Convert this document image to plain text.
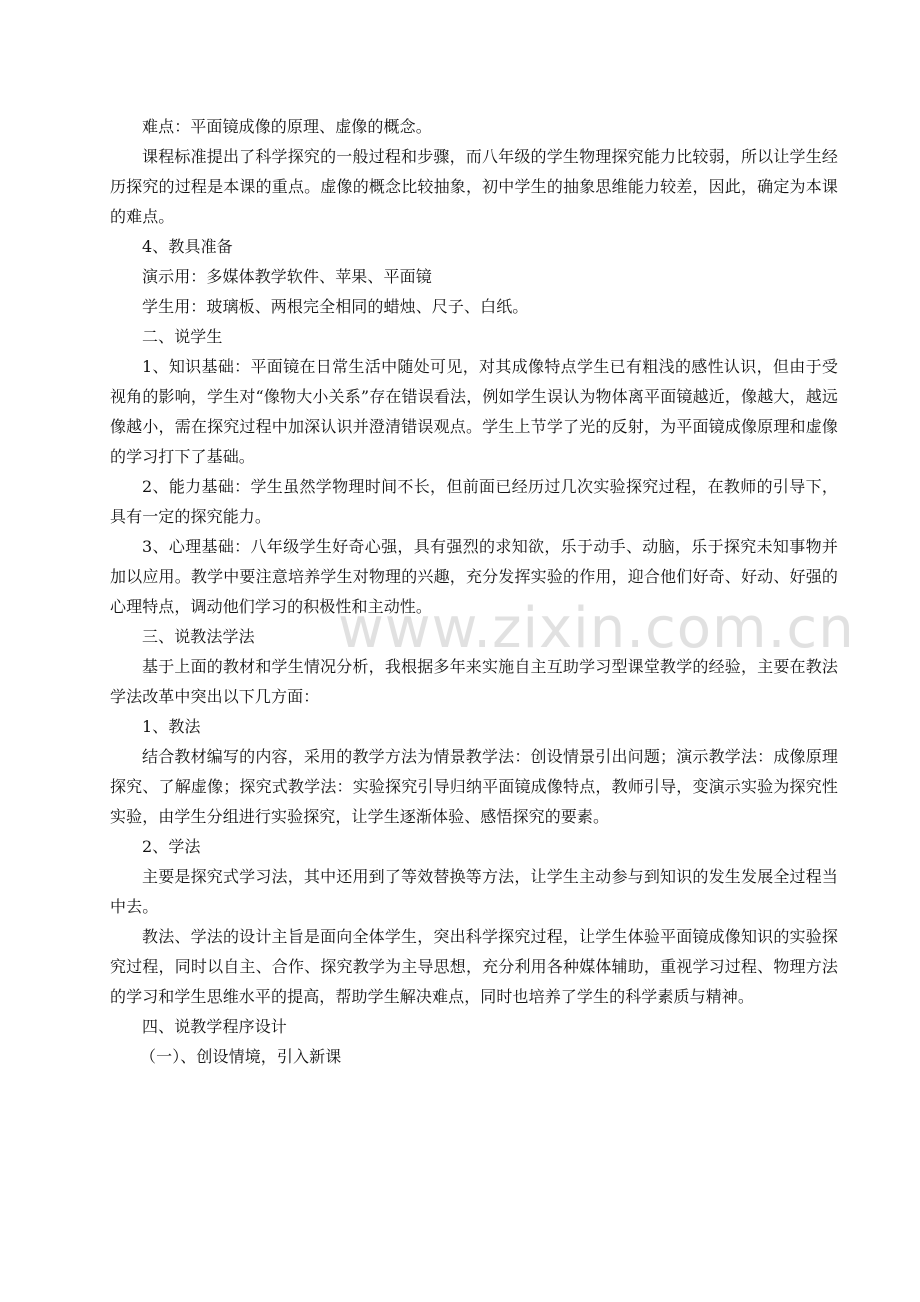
难点：平面镜成像的原理、虚像的概念。

课程标准提出了科学探究的一般过程和步骤，而八年级的学生物理探究能力比较弱，所以让学生经历探究的过程是本课的重点。虚像的概念比较抽象，初中学生的抽象思维能力较差，因此，确定为本课的难点。

4、教具准备

演示用：多媒体教学软件、苹果、平面镜

学生用：玻璃板、两根完全相同的蜡烛、尺子、白纸。

二、说学生

1、知识基础：平面镜在日常生活中随处可见，对其成像特点学生已有粗浅的感性认识，但由于受视角的影响，学生对“像物大小关系”存在错误看法，例如学生误认为物体离平面镜越近，像越大，越远像越小，需在探究过程中加深认识并澄清错误观点。学生上节学了光的反射，为平面镜成像原理和虚像的学习打下了基础。

2、能力基础：学生虽然学物理时间不长，但前面已经历过几次实验探究过程，在教师的引导下，具有一定的探究能力。

3、心理基础：八年级学生好奇心强，具有强烈的求知欲，乐于动手、动脑，乐于探究未知事物并加以应用。教学中要注意培养学生对物理的兴趣，充分发挥实验的作用，迎合他们好奇、好动、好强的心理特点，调动他们学习的积极性和主动性。

三、说教法学法

基于上面的教材和学生情况分析，我根据多年来实施自主互助学习型课堂教学的经验，主要在教法学法改革中突出以下几方面：

1、教法

结合教材编写的内容，采用的教学方法为情景教学法：创设情景引出问题；演示教学法：成像原理探究、了解虚像；探究式教学法：实验探究引导归纳平面镜成像特点，教师引导，变演示实验为探究性实验，由学生分组进行实验探究，让学生逐渐体验、感悟探究的要素。

2、学法

主要是探究式学习法，其中还用到了等效替换等方法，让学生主动参与到知识的发生发展全过程当中去。

教法、学法的设计主旨是面向全体学生，突出科学探究过程，让学生体验平面镜成像知识的实验探究过程，同时以自主、合作、探究教学为主导思想，充分利用各种媒体辅助，重视学习过程、物理方法的学习和学生思维水平的提高，帮助学生解决难点，同时也培养了学生的科学素质与精神。

四、说教学程序设计

（一）、创设情境，引入新课

www.zixin.com.cn
